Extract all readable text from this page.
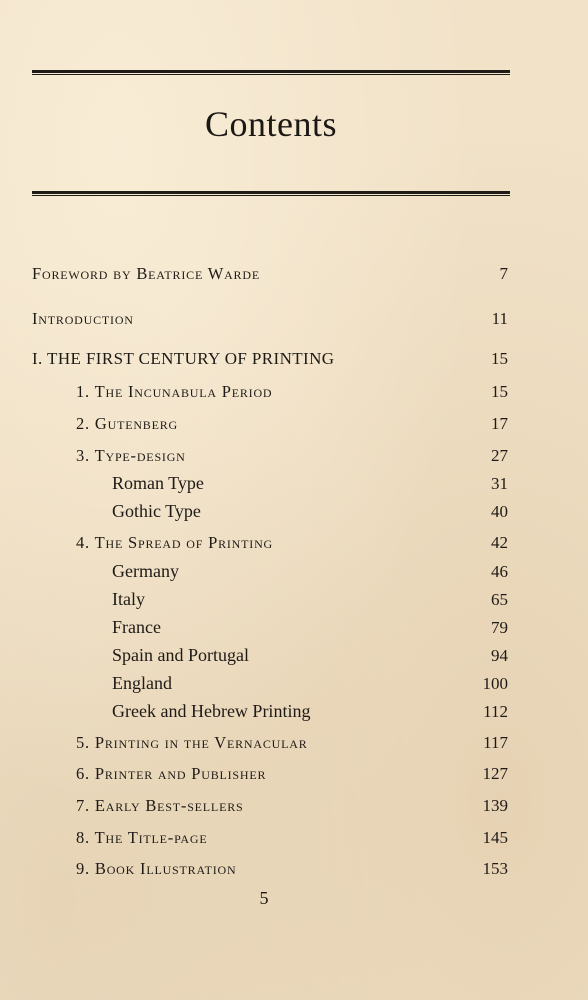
Contents
Foreword by Beatrice Warde	7
Introduction	11
I. THE FIRST CENTURY OF PRINTING	15
1. The Incunabula Period	15
2. Gutenberg	17
3. Type-design	27
Roman Type	31
Gothic Type	40
4. The Spread of Printing	42
Germany	46
Italy	65
France	79
Spain and Portugal	94
England	100
Greek and Hebrew Printing	112
5. Printing in the Vernacular	117
6. Printer and Publisher	127
7. Early Best-sellers	139
8. The Title-page	145
9. Book Illustration	153
5
